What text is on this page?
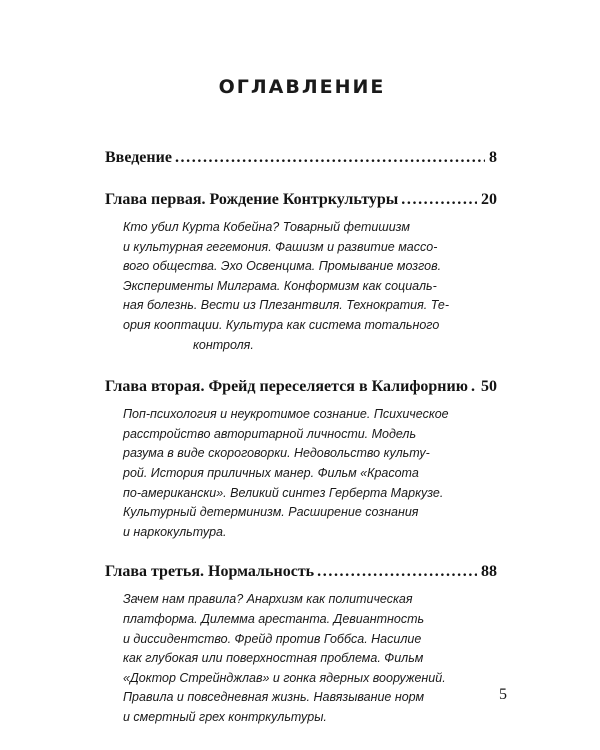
ОГЛАВЛЕНИЕ
Введение . . .	8
Глава первая. Рождение Контркультуры . . .	20
Кто убил Курта Кобейна? Товарный фетишизм
и культурная гегемония. Фашизм и развитие массо-
вого общества. Эхо Освенцима. Промывание мозгов.
Эксперименты Милграма. Конформизм как социаль-
ная болезнь. Вести из Плезантвиля. Технократия. Те-
ория кооптации. Культура как система тотального
контроля.
Глава вторая. Фрейд переселяется в Калифорнию . . . 50
Поп-психология и неукротимое сознание. Психическое
расстройство авторитарной личности. Модель
разума в виде скороговорки. Недовольство культу-
рой. История приличных манер. Фильм «Красота
по-американски». Великий синтез Герберта Маркузе.
Культурный детерминизм. Расширение сознания
и наркокультура.
Глава третья. Нормальность . . .	88
Зачем нам правила? Анархизм как политическая
платформа. Дилемма арестанта. Девиантность
и диссидентство. Фрейд против Гоббса. Насилие
как глубокая или поверхностная проблема. Фильм
«Доктор Стрейнджлав» и гонка ядерных вооружений.
Правила и повседневная жизнь. Навязывание норм
и смертный грех контркультуры.
5
